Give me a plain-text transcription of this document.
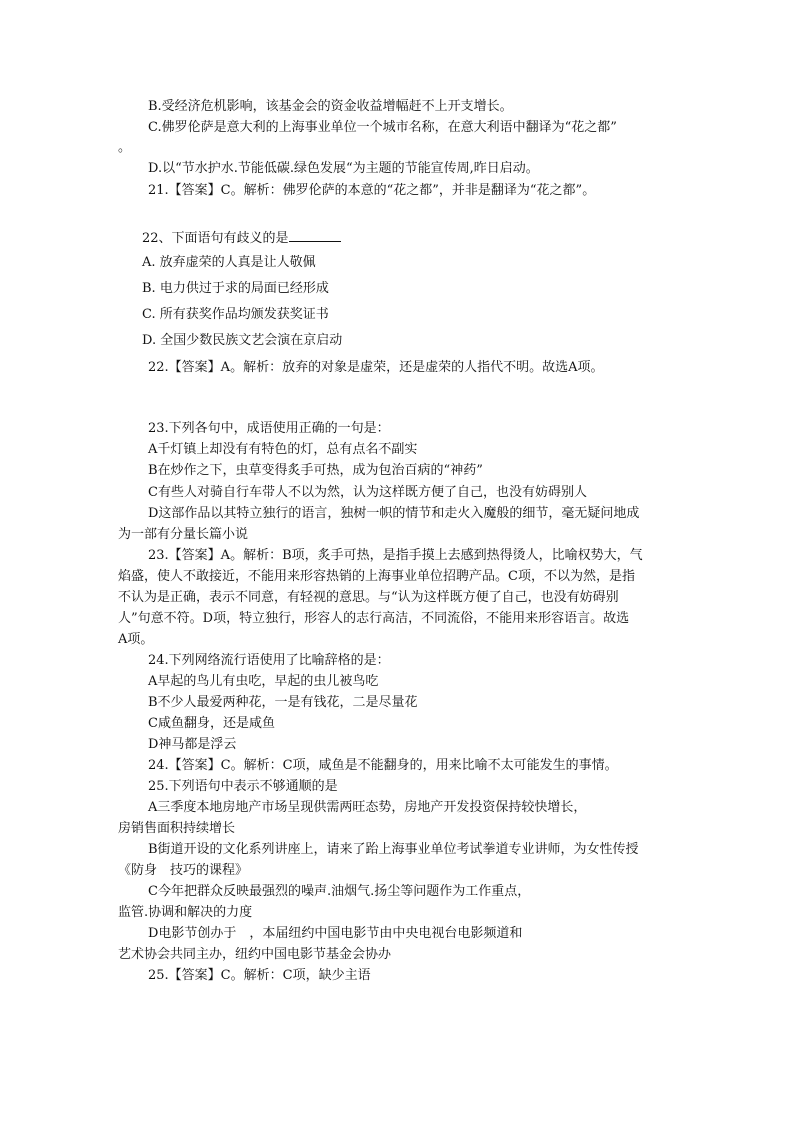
B.受经济危机影响，该基金会的资金收益增幅赶不上开支增长。
C.佛罗伦萨是意大利的上海事业单位一个城市名称，在意大利语中翻译为“花之都”
。
D.以“节水护水.节能低碳.绿色发展“为主题的节能宣传周,昨日启动。
21.【答案】C。解析：佛罗伦萨的本意的“花之都”，并非是翻译为“花之都”。
22、下面语句有歧义的是
A. 放弃虚荣的人真是让人敬佩
B. 电力供过于求的局面已经形成
C. 所有获奖作品均颁发获奖证书
D. 全国少数民族文艺会演在京启动
22.【答案】A。解析：放弃的对象是虚荣，还是虚荣的人指代不明。故选A项。
23.下列各句中，成语使用正确的一句是：
A千灯镇上却没有有特色的灯，总有点名不副实
B在炒作之下，虫草变得炙手可热，成为包治百病的“神药”
C有些人对骑自行车带人不以为然，认为这样既方便了自己，也没有妨碍别人
D这部作品以其特立独行的语言，独树一帜的情节和走火入魔般的细节，毫无疑问地成
为一部有分量长篇小说
23.【答案】A。解析：B项，炙手可热，是指手摸上去感到热得烫人，比喻权势大，气
焰盛，使人不敢接近，不能用来形容热销的上海事业单位招聘产品。C项，不以为然，是指
不认为是正确，表示不同意，有轻视的意思。与“认为这样既方便了自己，也没有妨碍别
人”句意不符。D项，特立独行，形容人的志行高洁，不同流俗，不能用来形容语言。故选
A项。
24.下列网络流行语使用了比喻辞格的是：
A早起的鸟儿有虫吃，早起的虫儿被鸟吃
B不少人最爱两种花，一是有钱花，二是尽量花
C咸鱼翻身，还是咸鱼
D神马都是浮云
24.【答案】C。解析：C项，咸鱼是不能翻身的，用来比喻不太可能发生的事情。
25.下列语句中表示不够通顺的是
A三季度本地房地产市场呈现供需两旺态势，房地产开发投资保持较快增长，
房销售面积持续增长
B街道开设的文化系列讲座上，请来了跆上海事业单位考试拳道专业讲师，为女性传授
《防身　技巧的课程》
C今年把群众反映最强烈的噪声.油烟气.扬尘等问题作为工作重点，
监管.协调和解决的力度
D电影节创办于　，本届纽约中国电影节由中央电视台电影频道和
艺术协会共同主办，纽约中国电影节基金会协办
25.【答案】C。解析：C项，缺少主语
